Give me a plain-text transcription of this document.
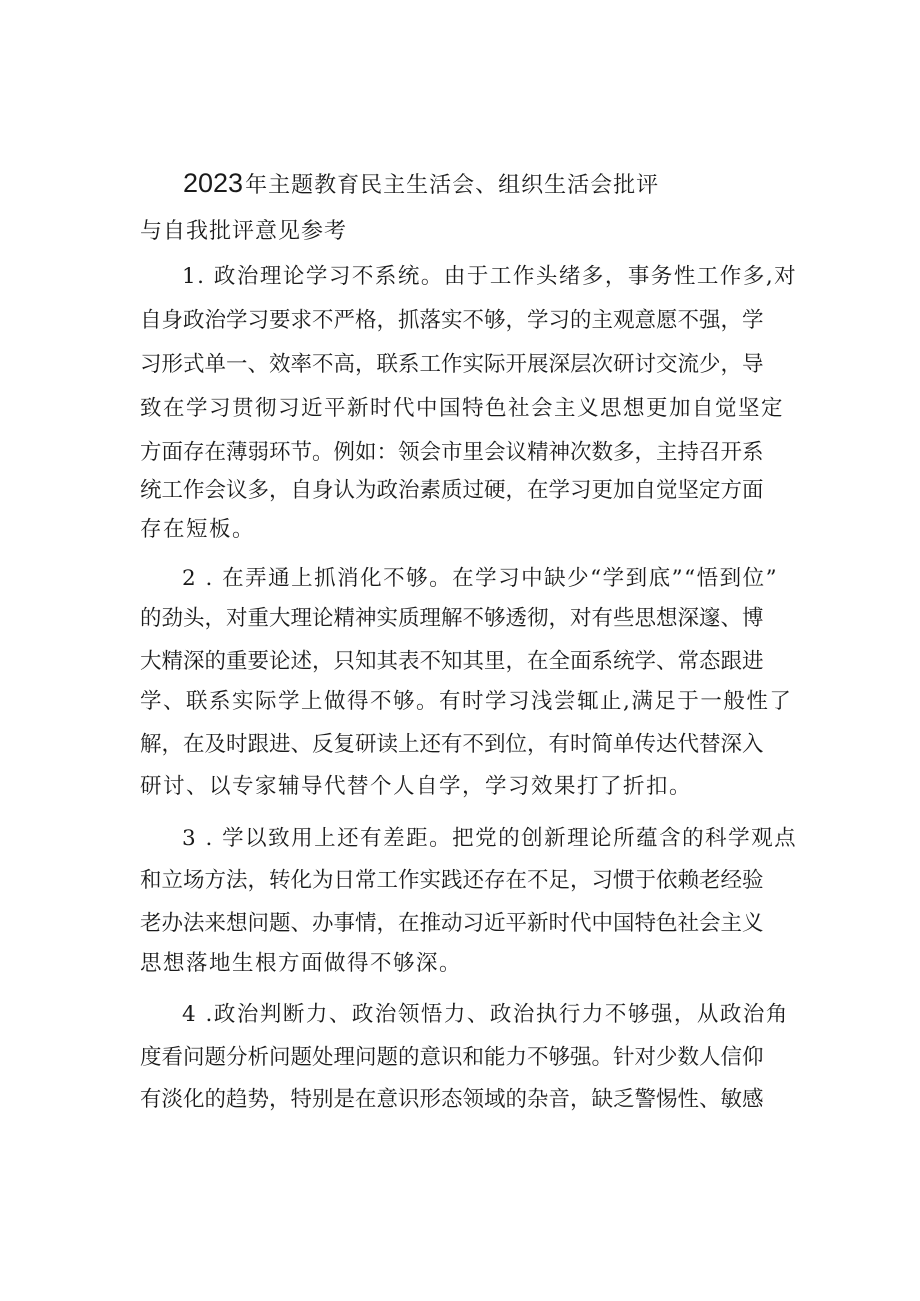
2023年主题教育民主生活会、组织生活会批评
与自我批评意见参考
1. 政治理论学习不系统。由于工作头绪多，事务性工作多,对
自身政治学习要求不严格，抓落实不够，学习的主观意愿不强，学
习形式单一、效率不高，联系工作实际开展深层次研讨交流少，导
致在学习贯彻习近平新时代中国特色社会主义思想更加自觉坚定
方面存在薄弱环节。例如：领会市里会议精神次数多，主持召开系
统工作会议多，自身认为政治素质过硬，在学习更加自觉坚定方面
存在短板。
2 . 在弄通上抓消化不够。在学习中缺少“学到底”“悟到位”
的劲头，对重大理论精神实质理解不够透彻，对有些思想深邃、博
大精深的重要论述，只知其表不知其里，在全面系统学、常态跟进
学、联系实际学上做得不够。有时学习浅尝辄止,满足于一般性了
解，在及时跟进、反复研读上还有不到位，有时简单传达代替深入
研讨、以专家辅导代替个人自学，学习效果打了折扣。
3 . 学以致用上还有差距。把党的创新理论所蕴含的科学观点
和立场方法，转化为日常工作实践还存在不足，习惯于依赖老经验
老办法来想问题、办事情，在推动习近平新时代中国特色社会主义
思想落地生根方面做得不够深。
4 .政治判断力、政治领悟力、政治执行力不够强，从政治角
度看问题分析问题处理问题的意识和能力不够强。针对少数人信仰
有淡化的趋势，特别是在意识形态领域的杂音，缺乏警惕性、敏感
